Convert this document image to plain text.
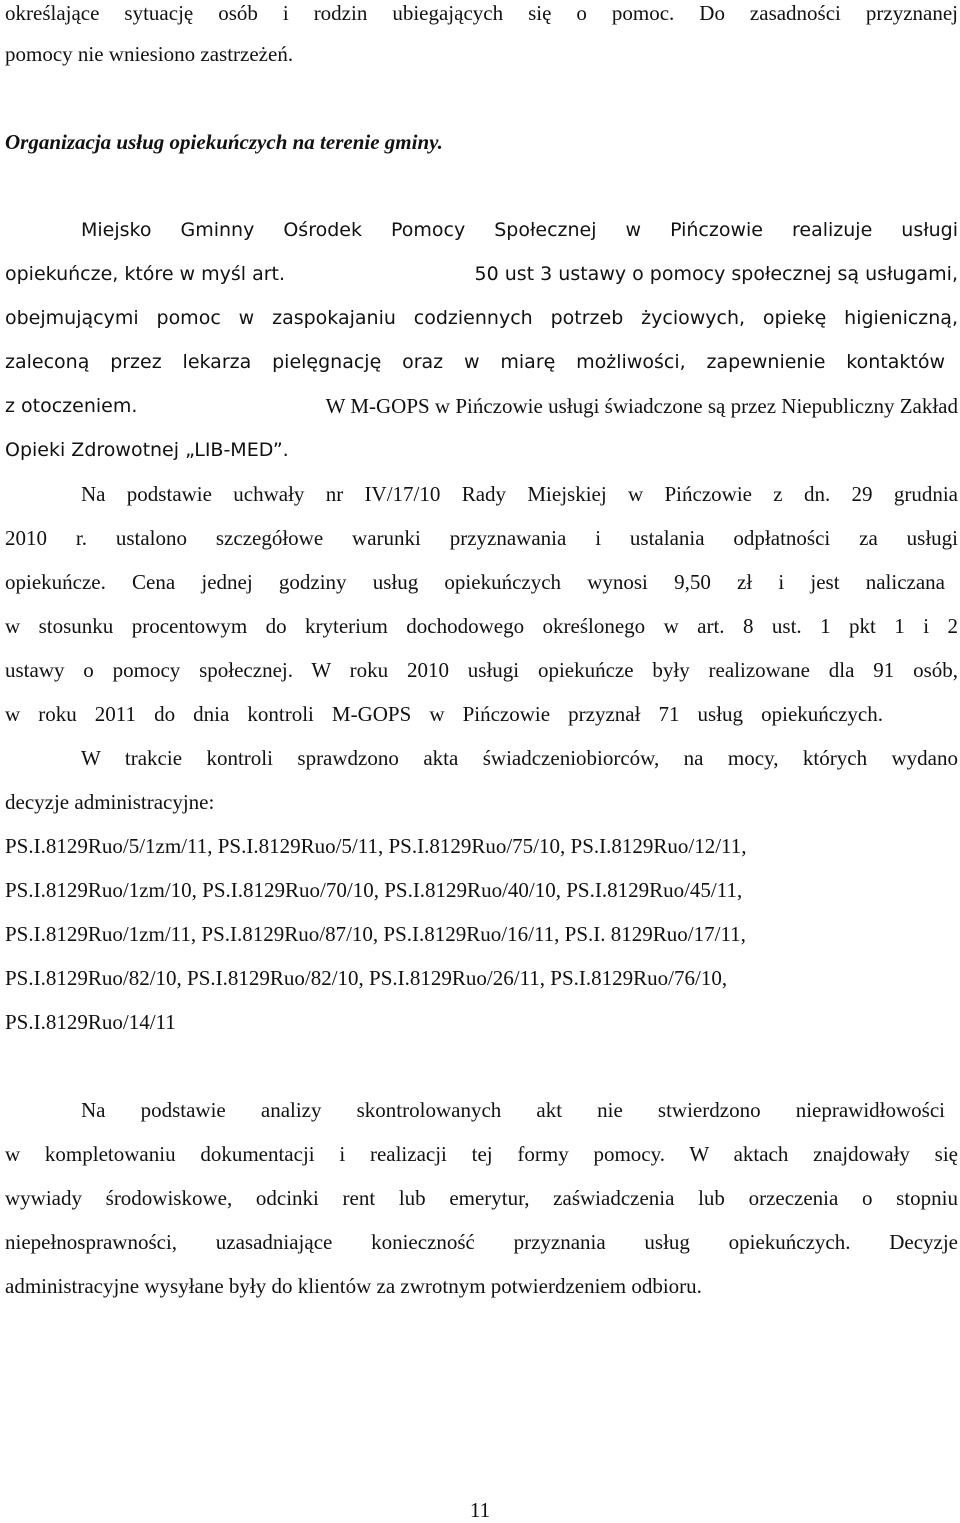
określające sytuację osób i rodzin ubiegających się o pomoc. Do zasadności przyznanej
pomocy nie wniesiono zastrzeżeń.
Organizacja usług opiekuńczych na terenie gminy.
Miejsko Gminny Ośrodek Pomocy Społecznej w Pińczowie realizuje usługi
opiekuńcze, które w myśl art.	50 ust 3 ustawy o pomocy społecznej są usługami,
obejmującymi pomoc w zaspokajaniu codziennych potrzeb życiowych, opiekę higieniczną,
zaleconą przez lekarza pielęgnację oraz w miarę możliwości, zapewnienie kontaktów
z otoczeniem.	W M-GOPS w Pińczowie usługi świadczone są przez Niepubliczny Zakład
Opieki Zdrowotnej „LIB-MED”.
Na podstawie uchwały nr IV/17/10 Rady Miejskiej w Pińczowie z dn. 29 grudnia
2010 r. ustalono szczegółowe warunki przyznawania i ustalania odpłatności za usługi
opiekuńcze. Cena jednej godziny usług opiekuńczych wynosi 9,50 zł i jest naliczana
w stosunku procentowym do kryterium dochodowego określonego w art. 8 ust. 1 pkt 1 i 2
ustawy o pomocy społecznej. W roku 2010 usługi opiekuńcze były realizowane dla 91 osób,
w roku 2011 do dnia kontroli M-GOPS w Pińczowie przyznał 71 usług opiekuńczych.
W trakcie kontroli sprawdzono akta świadczeniobiorców, na mocy, których wydano
decyzje administracyjne:
PS.I.8129Ruo/5/1zm/11, PS.I.8129Ruo/5/11, PS.I.8129Ruo/75/10, PS.I.8129Ruo/12/11,
PS.I.8129Ruo/1zm/10, PS.I.8129Ruo/70/10, PS.I.8129Ruo/40/10, PS.I.8129Ruo/45/11,
PS.I.8129Ruo/1zm/11, PS.I.8129Ruo/87/10, PS.I.8129Ruo/16/11, PS.I. 8129Ruo/17/11,
PS.I.8129Ruo/82/10, PS.I.8129Ruo/82/10, PS.I.8129Ruo/26/11, PS.I.8129Ruo/76/10,
PS.I.8129Ruo/14/11
Na podstawie analizy skontrolowanych akt nie stwierdzono nieprawidłowości
w kompletowaniu dokumentacji i realizacji tej formy pomocy. W aktach znajdowały się
wywiady środowiskowe, odcinki rent lub emerytur, zaświadczenia lub orzeczenia o stopniu
niepełnosprawności, uzasadniające konieczność przyznania usług opiekuńczych. Decyzje
administracyjne wysyłane były do klientów za zwrotnym potwierdzeniem odbioru.
11
